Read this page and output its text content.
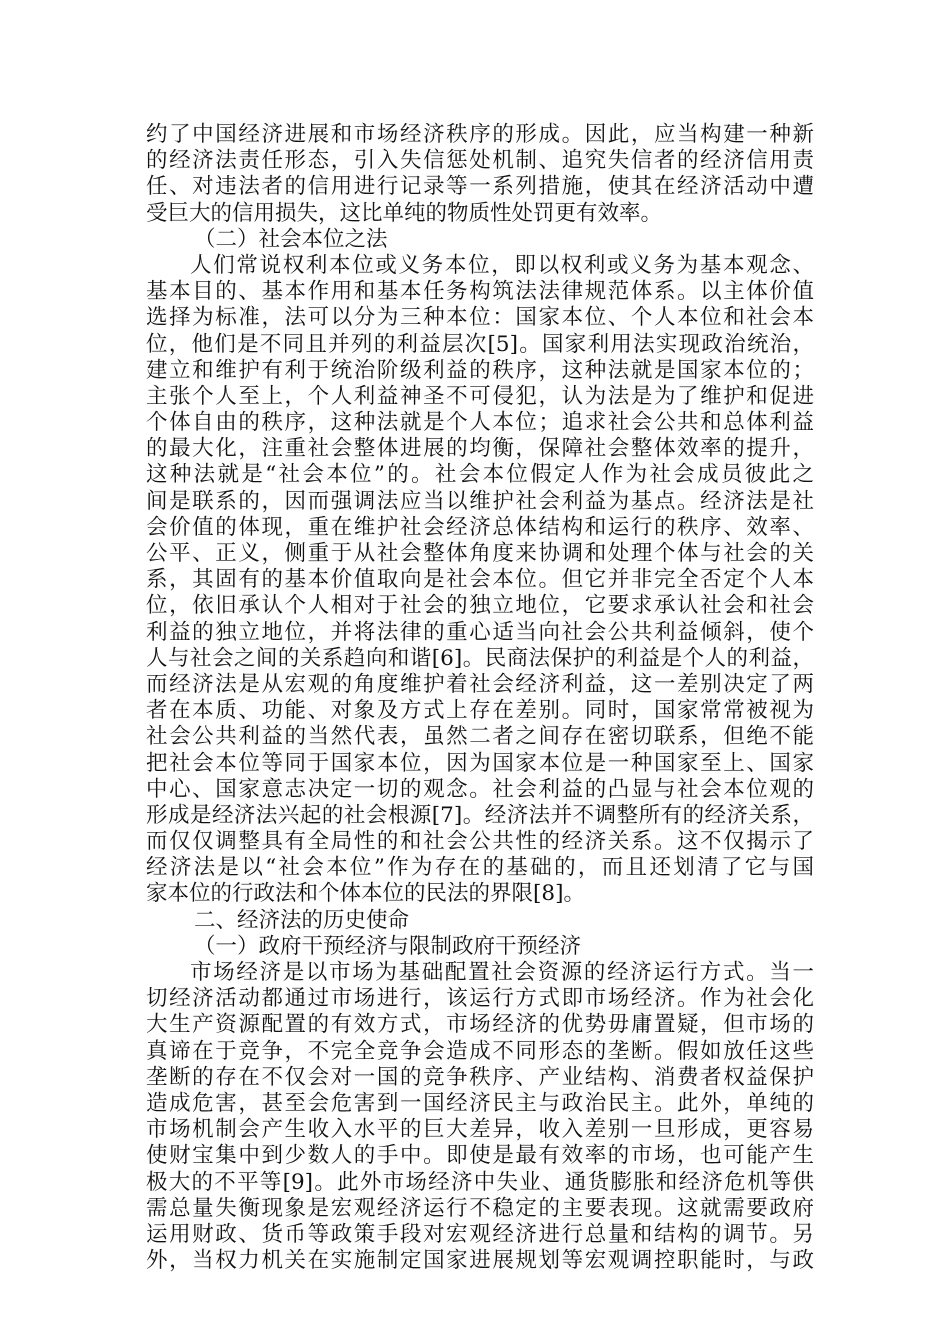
约了中国经济进展和市场经济秩序的形成。因此，应当构建一种新
的经济法责任形态，引入失信惩处机制、追究失信者的经济信用责
任、对违法者的信用进行记录等一系列措施，使其在经济活动中遭
受巨大的信用损失，这比单纯的物质性处罚更有效率。
（二）社会本位之法
人们常说权利本位或义务本位，即以权利或义务为基本观念、
基本目的、基本作用和基本任务构筑法法律规范体系。以主体价值
选择为标准，法可以分为三种本位：国家本位、个人本位和社会本
位，他们是不同且并列的利益层次[5]。国家利用法实现政治统治，
建立和维护有利于统治阶级利益的秩序，这种法就是国家本位的；
主张个人至上，个人利益神圣不可侵犯，认为法是为了维护和促进
个体自由的秩序，这种法就是个人本位；追求社会公共和总体利益
的最大化，注重社会整体进展的均衡，保障社会整体效率的提升，
这种法就是“社会本位”的。社会本位假定人作为社会成员彼此之
间是联系的，因而强调法应当以维护社会利益为基点。经济法是社
会价值的体现，重在维护社会经济总体结构和运行的秩序、效率、
公平、正义，侧重于从社会整体角度来协调和处理个体与社会的关
系，其固有的基本价值取向是社会本位。但它并非完全否定个人本
位，依旧承认个人相对于社会的独立地位，它要求承认社会和社会
利益的独立地位，并将法律的重心适当向社会公共利益倾斜，使个
人与社会之间的关系趋向和谐[6]。民商法保护的利益是个人的利益，
而经济法是从宏观的角度维护着社会经济利益，这一差别决定了两
者在本质、功能、对象及方式上存在差别。同时，国家常常被视为
社会公共利益的当然代表，虽然二者之间存在密切联系，但绝不能
把社会本位等同于国家本位，因为国家本位是一种国家至上、国家
中心、国家意志决定一切的观念。社会利益的凸显与社会本位观的
形成是经济法兴起的社会根源[7]。经济法并不调整所有的经济关系，
而仅仅调整具有全局性的和社会公共性的经济关系。这不仅揭示了
经济法是以“社会本位”作为存在的基础的，而且还划清了它与国
家本位的行政法和个体本位的民法的界限[8]。
二、经济法的历史使命
（一）政府干预经济与限制政府干预经济
市场经济是以市场为基础配置社会资源的经济运行方式。当一
切经济活动都通过市场进行，该运行方式即市场经济。作为社会化
大生产资源配置的有效方式，市场经济的优势毋庸置疑，但市场的
真谛在于竞争，不完全竞争会造成不同形态的垄断。假如放任这些
垄断的存在不仅会对一国的竞争秩序、产业结构、消费者权益保护
造成危害，甚至会危害到一国经济民主与政治民主。此外，单纯的
市场机制会产生收入水平的巨大差异，收入差别一旦形成，更容易
使财宝集中到少数人的手中。即使是最有效率的市场，也可能产生
极大的不平等[9]。此外市场经济中失业、通货膨胀和经济危机等供
需总量失衡现象是宏观经济运行不稳定的主要表现。这就需要政府
运用财政、货币等政策手段对宏观经济进行总量和结构的调节。另
外，当权力机关在实施制定国家进展规划等宏观调控职能时，与政
